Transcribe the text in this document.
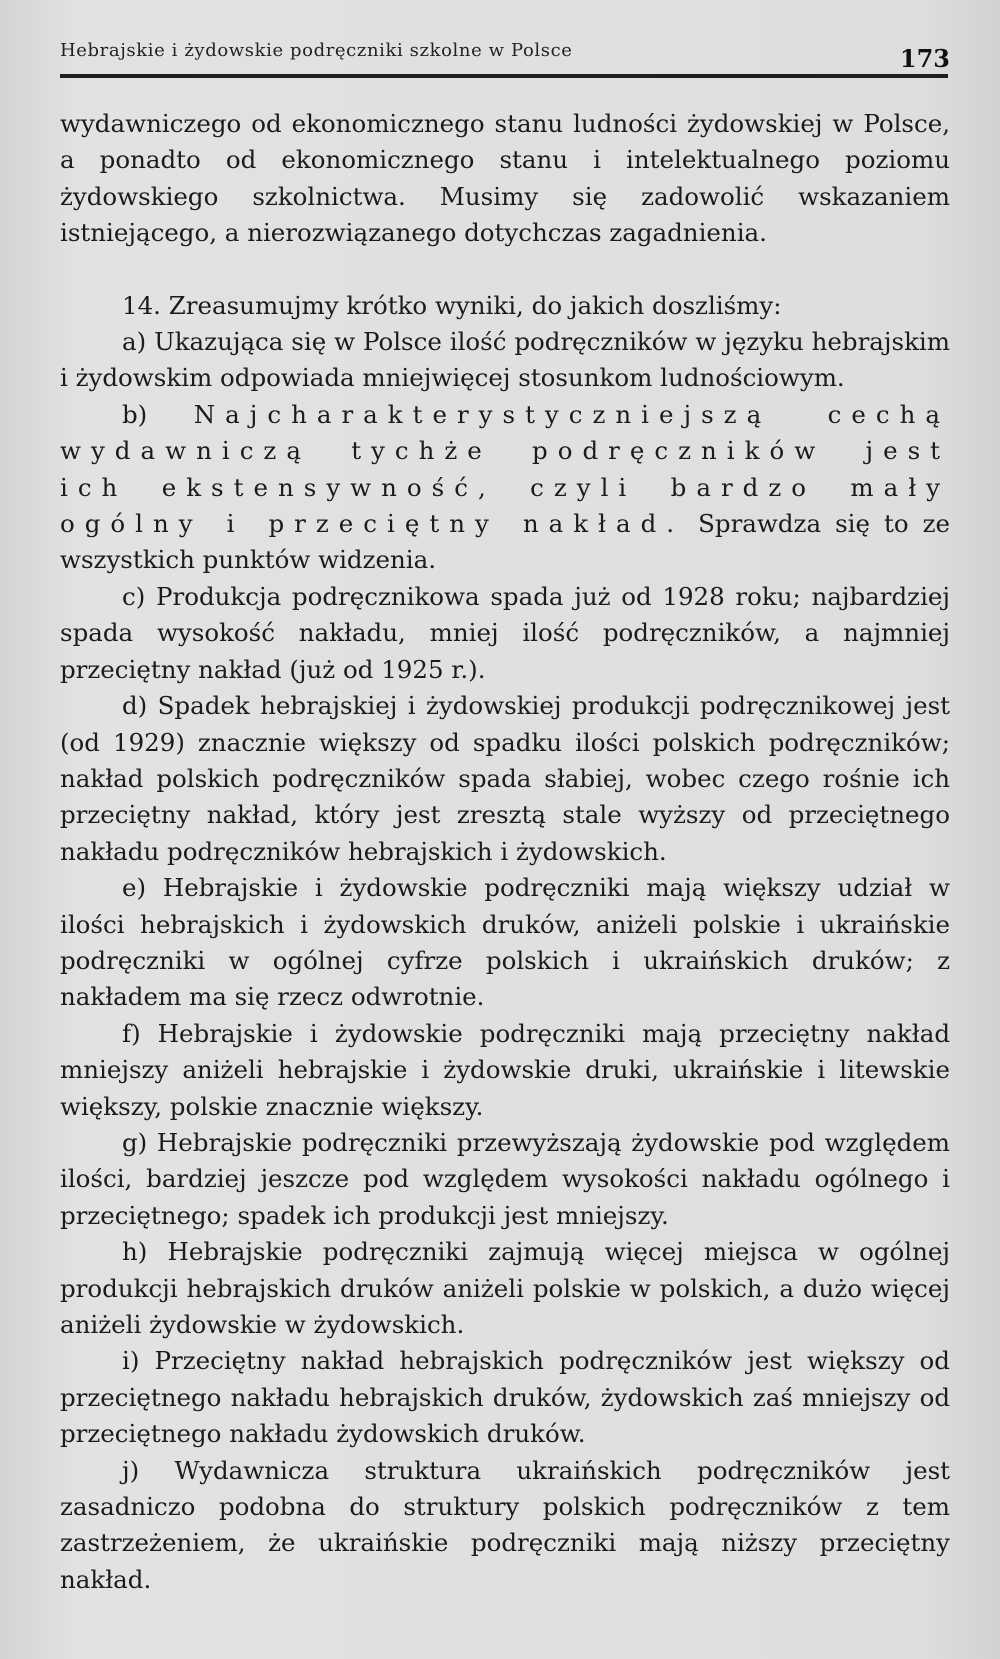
Hebrajskie i żydowskie podręczniki szkolne w Polsce	173

wydawniczego od ekonomicznego stanu ludności żydowskiej w Polsce, a ponadto od ekonomicznego stanu i intelektualnego poziomu żydowskiego szkolnictwa. Musimy się zadowolić wskazaniem istniejącego, a nierozwiązanego dotychczas zagadnienia.

14. Zreasumujmy krótko wyniki, do jakich doszliśmy:

a) Ukazująca się w Polsce ilość podręczników w języku hebrajskim i żydowskim odpowiada mniejwięcej stosunkom ludnościowym.

b) Najcharakterystyczniejszą cechą wydawniczą tychże podręczników jest ich ekstensywność, czyli bardzo mały ogólny i przeciętny nakład. Sprawdza się to ze wszystkich punktów widzenia.

c) Produkcja podręcznikowa spada już od 1928 roku; najbardziej spada wysokość nakładu, mniej ilość podręczników, a najmniej przeciętny nakład (już od 1925 r.).

d) Spadek hebrajskiej i żydowskiej produkcji podręcznikowej jest (od 1929) znacznie większy od spadku ilości polskich podręczników; nakład polskich podręczników spada słabiej, wobec czego rośnie ich przeciętny nakład, który jest zresztą stale wyższy od przeciętnego nakładu podręczników hebrajskich i żydowskich.

e) Hebrajskie i żydowskie podręczniki mają większy udział w ilości hebrajskich i żydowskich druków, aniżeli polskie i ukraińskie podręczniki w ogólnej cyfrze polskich i ukraińskich druków; z nakładem ma się rzecz odwrotnie.

f) Hebrajskie i żydowskie podręczniki mają przeciętny nakład mniejszy aniżeli hebrajskie i żydowskie druki, ukraińskie i litewskie większy, polskie znacznie większy.

g) Hebrajskie podręczniki przewyższają żydowskie pod względem ilości, bardziej jeszcze pod względem wysokości nakładu ogólnego i przeciętnego; spadek ich produkcji jest mniejszy.

h) Hebrajskie podręczniki zajmują więcej miejsca w ogólnej produkcji hebrajskich druków aniżeli polskie w polskich, a dużo więcej aniżeli żydowskie w żydowskich.

i) Przeciętny nakład hebrajskich podręczników jest większy od przeciętnego nakładu hebrajskich druków, żydowskich zaś mniejszy od przeciętnego nakładu żydowskich druków.

j) Wydawnicza struktura ukraińskich podręczników jest zasadniczo podobna do struktury polskich podręczników z tem zastrzeżeniem, że ukraińskie podręczniki mają niższy przeciętny nakład.
